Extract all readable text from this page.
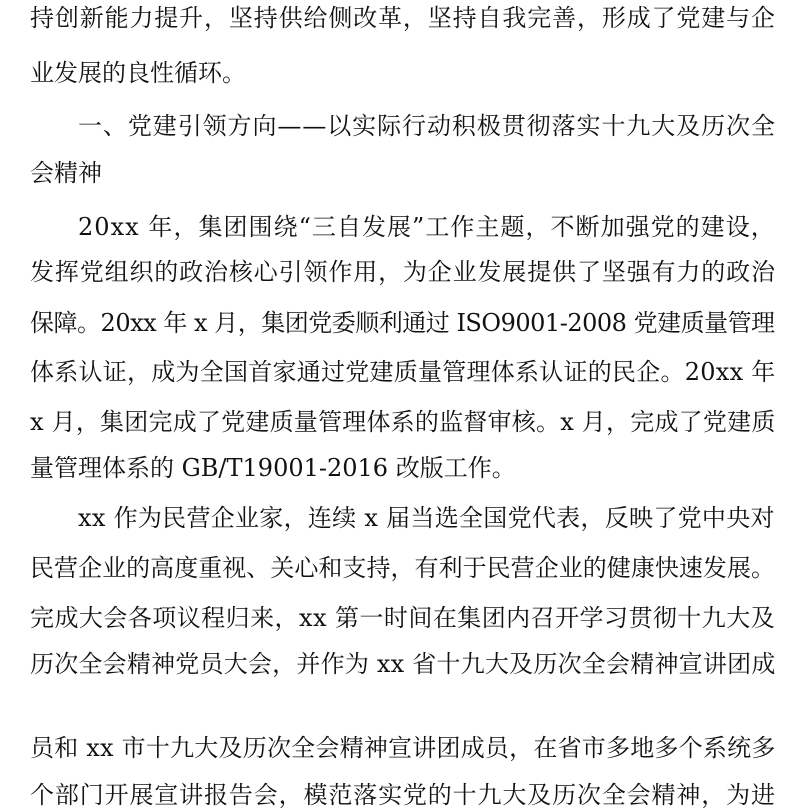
持创新能力提升，坚持供给侧改革，坚持自我完善，形成了党建与企
业发展的良性循环。
一、党建引领方向——以实际行动积极贯彻落实十九大及历次全
会精神
20xx 年，集团围绕“三自发展”工作主题，不断加强党的建设，
发挥党组织的政治核心引领作用，为企业发展提供了坚强有力的政治
保障。20xx 年 x 月，集团党委顺利通过 ISO9001-2008 党建质量管理
体系认证，成为全国首家通过党建质量管理体系认证的民企。20xx 年
x 月，集团完成了党建质量管理体系的监督审核。x 月，完成了党建质
量管理体系的 GB/T19001-2016 改版工作。
xx 作为民营企业家，连续 x 届当选全国党代表，反映了党中央对
民营企业的高度重视、关心和支持，有利于民营企业的健康快速发展。
完成大会各项议程归来，xx 第一时间在集团内召开学习贯彻十九大及
历次全会精神党员大会，并作为 xx 省十九大及历次全会精神宣讲团成
员和 xx 市十九大及历次全会精神宣讲团成员，在省市多地多个系统多
个部门开展宣讲报告会，模范落实党的十九大及历次全会精神，为进
